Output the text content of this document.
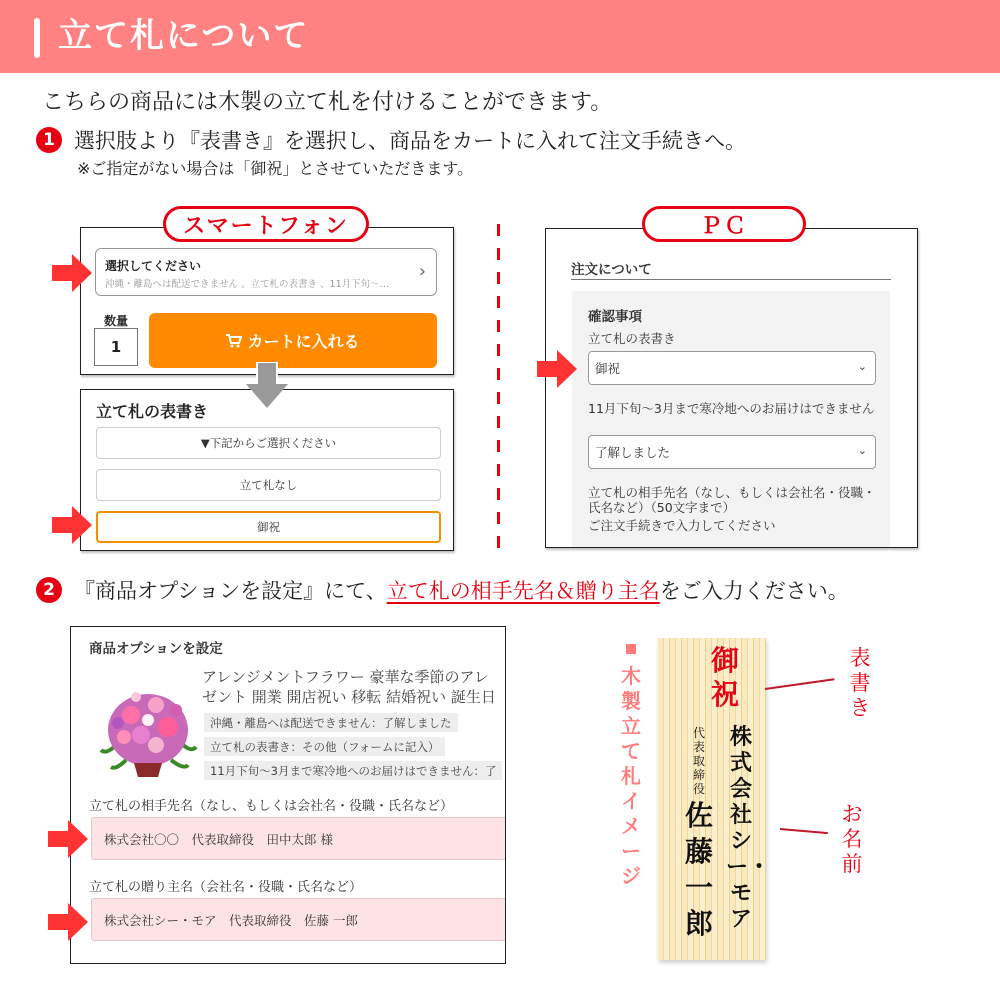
立て札について
こちらの商品には木製の立て札を付けることができます。
1 選択肢より『表書き』を選択し、商品をカートに入れて注文手続きへ。
※ご指定がない場合は「御祝」とさせていただきます。
スマートフォン
選択してください
沖縄・離島へは配送できません 、立て札の表書き 、11月下旬～…
›
数量
1	カートに入れる
立て札の表書き
▼下記からご選択ください
立て札なし
御祝
ＰＣ
注文について
確認事項
立て札の表書き
御祝	⌄
11月下旬～3月まで寒冷地へのお届けはできません
了解しました	⌄
立て札の相手先名（なし、もしくは会社名・役職・氏名など）（50文字まで）
ご注文手続きで入力してください
2 『商品オプションを設定』にて、 立て札の相手先名＆贈り主名 をご入力ください。
商品オプションを設定
アレンジメントフラワー 豪華な季節のアレ
ゼント 開業 開店祝い 移転 結婚祝い 誕生日
沖縄・離島へは配送できません：了解しました
立て札の表書き：その他（フォームに記入）
11月下旬～3月まで寒冷地へのお届けはできません：了
立て札の相手先名（なし、もしくは会社名・役職・氏名など）
株式会社〇〇　代表取締役　田中太郎 様
立て札の贈り主名（会社名・役職・氏名など）
株式会社シー・モア　代表取締役　佐藤 一郎
木製立て札イメージ
御祝
株式会社シー・モア
代表取締役
佐藤一郎
表書き
お名前
